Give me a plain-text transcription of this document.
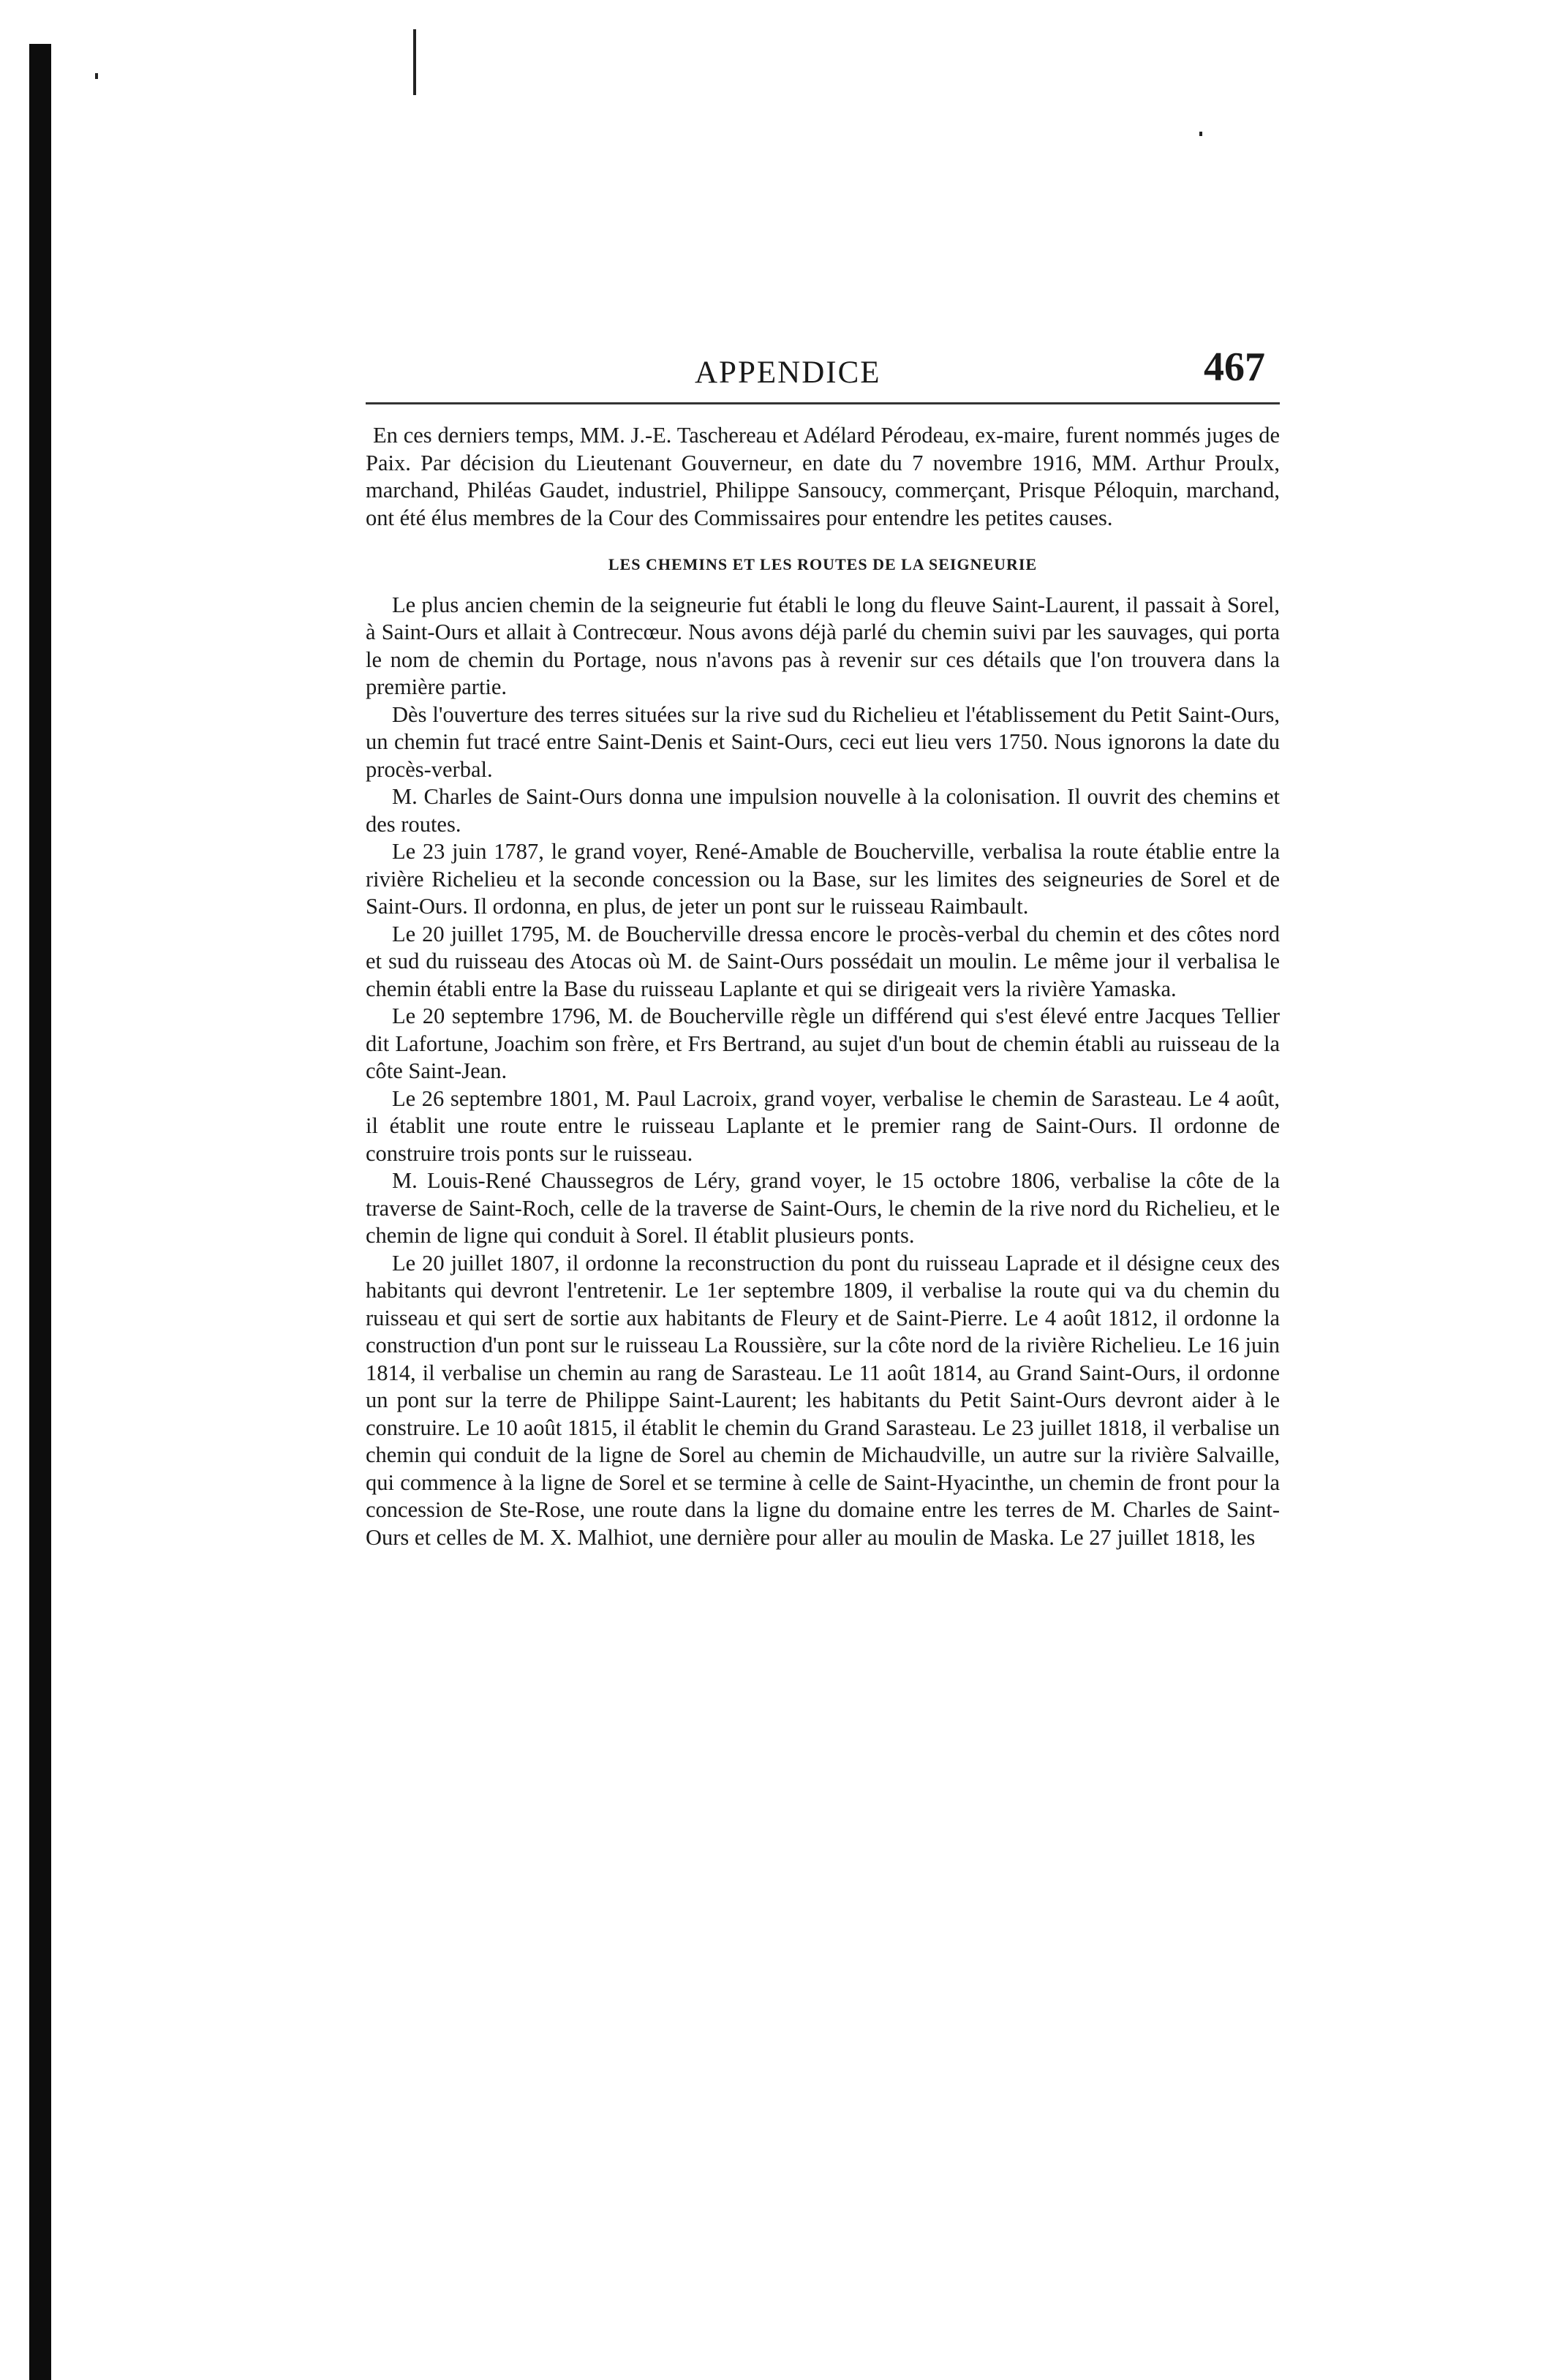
APPENDICE	467

En ces derniers temps, MM. J.-E. Taschereau et Adélard Pérodeau, ex-maire, furent nommés juges de Paix. Par décision du Lieutenant Gouverneur, en date du 7 novembre 1916, MM. Arthur Proulx, marchand, Philéas Gaudet, industriel, Philippe Sansoucy, commerçant, Prisque Péloquin, marchand, ont été élus membres de la Cour des Commissaires pour entendre les petites causes.

LES CHEMINS ET LES ROUTES DE LA SEIGNEURIE

Le plus ancien chemin de la seigneurie fut établi le long du fleuve Saint-Laurent, il passait à Sorel, à Saint-Ours et allait à Contrecœur. Nous avons déjà parlé du chemin suivi par les sauvages, qui porta le nom de chemin du Portage, nous n'avons pas à revenir sur ces détails que l'on trouvera dans la première partie.

Dès l'ouverture des terres situées sur la rive sud du Richelieu et l'établissement du Petit Saint-Ours, un chemin fut tracé entre Saint-Denis et Saint-Ours, ceci eut lieu vers 1750. Nous ignorons la date du procès-verbal.

M. Charles de Saint-Ours donna une impulsion nouvelle à la colonisation. Il ouvrit des chemins et des routes.

Le 23 juin 1787, le grand voyer, René-Amable de Boucherville, verbalisa la route établie entre la rivière Richelieu et la seconde concession ou la Base, sur les limites des seigneuries de Sorel et de Saint-Ours. Il ordonna, en plus, de jeter un pont sur le ruisseau Raimbault.

Le 20 juillet 1795, M. de Boucherville dressa encore le procès-verbal du chemin et des côtes nord et sud du ruisseau des Atocas où M. de Saint-Ours possédait un moulin. Le même jour il verbalisa le chemin établi entre la Base du ruisseau Laplante et qui se dirigeait vers la rivière Yamaska.

Le 20 septembre 1796, M. de Boucherville règle un différend qui s'est élevé entre Jacques Tellier dit Lafortune, Joachim son frère, et Frs Bertrand, au sujet d'un bout de chemin établi au ruisseau de la côte Saint-Jean.

Le 26 septembre 1801, M. Paul Lacroix, grand voyer, verbalise le chemin de Sarasteau. Le 4 août, il établit une route entre le ruisseau Laplante et le premier rang de Saint-Ours. Il ordonne de construire trois ponts sur le ruisseau.

M. Louis-René Chaussegros de Léry, grand voyer, le 15 octobre 1806, verbalise la côte de la traverse de Saint-Roch, celle de la traverse de Saint-Ours, le chemin de la rive nord du Richelieu, et le chemin de ligne qui conduit à Sorel. Il établit plusieurs ponts.

Le 20 juillet 1807, il ordonne la reconstruction du pont du ruisseau Laprade et il désigne ceux des habitants qui devront l'entretenir. Le 1er septembre 1809, il verbalise la route qui va du chemin du ruisseau et qui sert de sortie aux habitants de Fleury et de Saint-Pierre. Le 4 août 1812, il ordonne la construction d'un pont sur le ruisseau La Roussière, sur la côte nord de la rivière Richelieu. Le 16 juin 1814, il verbalise un chemin au rang de Sarasteau. Le 11 août 1814, au Grand Saint-Ours, il ordonne un pont sur la terre de Philippe Saint-Laurent; les habitants du Petit Saint-Ours devront aider à le construire. Le 10 août 1815, il établit le chemin du Grand Sarasteau. Le 23 juillet 1818, il verbalise un chemin qui conduit de la ligne de Sorel au chemin de Michaudville, un autre sur la rivière Salvaille, qui commence à la ligne de Sorel et se termine à celle de Saint-Hyacinthe, un chemin de front pour la concession de Ste-Rose, une route dans la ligne du domaine entre les terres de M. Charles de Saint-Ours et celles de M. X. Malhiot, une dernière pour aller au moulin de Maska. Le 27 juillet 1818, les
